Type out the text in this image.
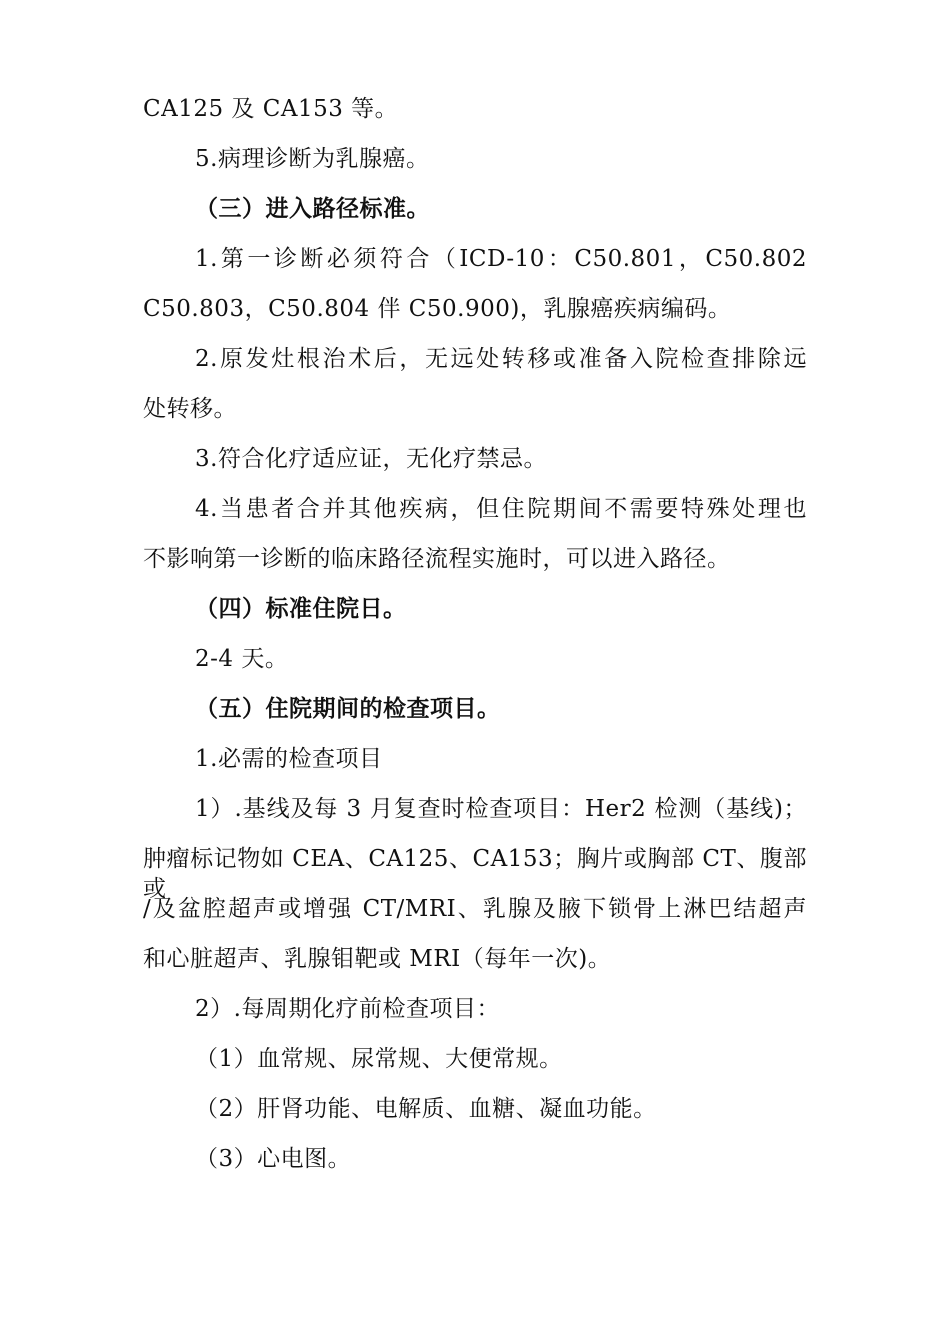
CA125 及 CA153 等。
5.病理诊断为乳腺癌。
（三）进入路径标准。
1.第一诊断必须符合（ICD-10：C50.801，C50.802
C50.803，C50.804 伴 C50.900)，乳腺癌疾病编码。
2.原发灶根治术后，无远处转移或准备入院检查排除远
处转移。
3.符合化疗适应证，无化疗禁忌。
4.当患者合并其他疾病，但住院期间不需要特殊处理也
不影响第一诊断的临床路径流程实施时，可以进入路径。
（四）标准住院日。
2-4 天。
（五）住院期间的检查项目。
1.必需的检查项目
1）.基线及每 3 月复查时检查项目：Her2 检测（基线)；
肿瘤标记物如 CEA、CA125、CA153；胸片或胸部 CT、腹部或
/及盆腔超声或增强 CT/MRI、乳腺及腋下锁骨上淋巴结超声
和心脏超声、乳腺钼靶或 MRI（每年一次)。
2）.每周期化疗前检查项目：
（1）血常规、尿常规、大便常规。
（2）肝肾功能、电解质、血糖、凝血功能。
（3）心电图。
